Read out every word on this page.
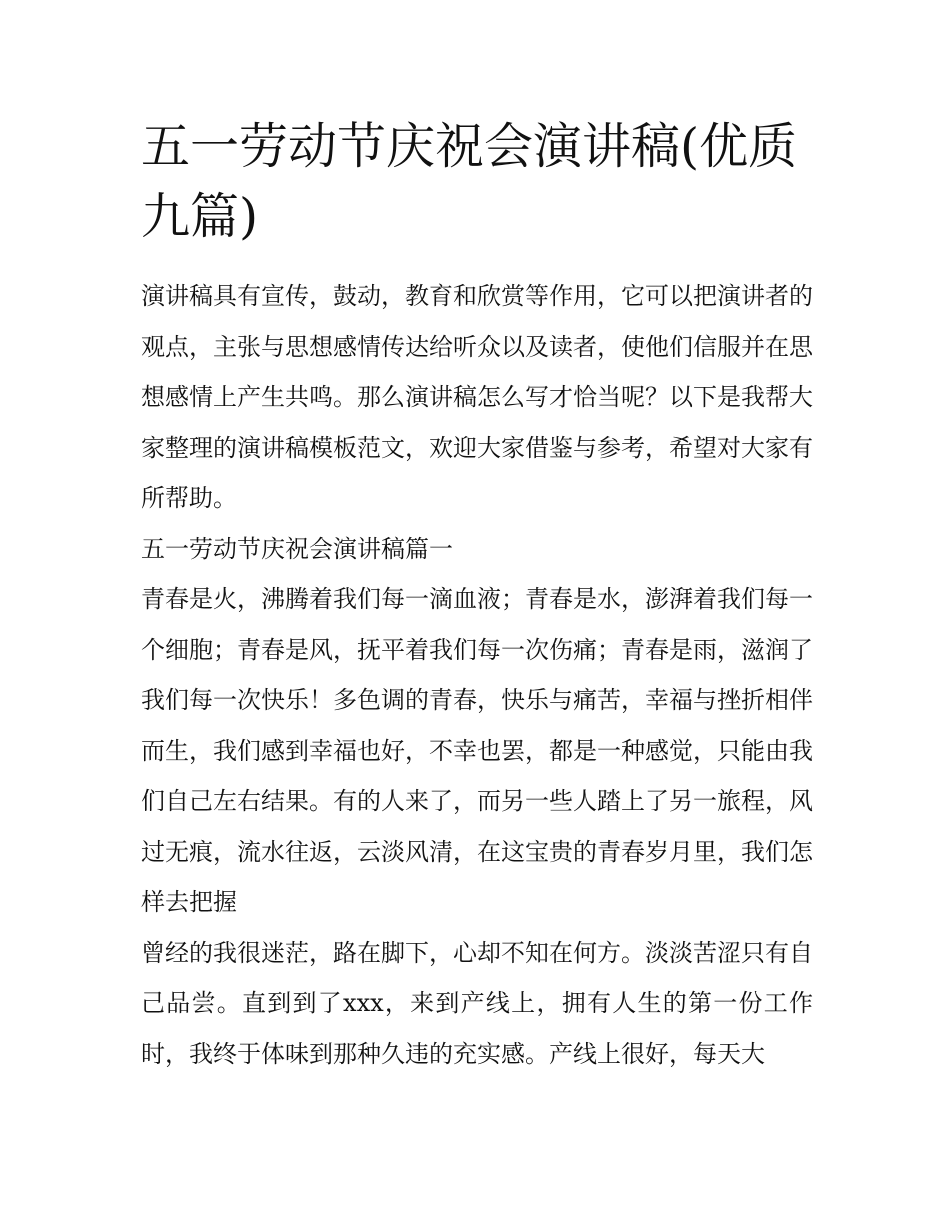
五一劳动节庆祝会演讲稿(优质九篇)

演讲稿具有宣传，鼓动，教育和欣赏等作用，它可以把演讲者的观点，主张与思想感情传达给听众以及读者，使他们信服并在思想感情上产生共鸣。那么演讲稿怎么写才恰当呢？以下是我帮大家整理的演讲稿模板范文，欢迎大家借鉴与参考，希望对大家有所帮助。

五一劳动节庆祝会演讲稿篇一

青春是火，沸腾着我们每一滴血液；青春是水，澎湃着我们每一个细胞；青春是风，抚平着我们每一次伤痛；青春是雨，滋润了我们每一次快乐！多色调的青春，快乐与痛苦，幸福与挫折相伴而生，我们感到幸福也好，不幸也罢，都是一种感觉，只能由我们自己左右结果。有的人来了，而另一些人踏上了另一旅程，风过无痕，流水往返，云淡风清，在这宝贵的青春岁月里，我们怎样去把握

曾经的我很迷茫，路在脚下，心却不知在何方。淡淡苦涩只有自己品尝。直到到了xxx，来到产线上，拥有人生的第一份工作时，我终于体味到那种久违的充实感。产线上很好，每天大
